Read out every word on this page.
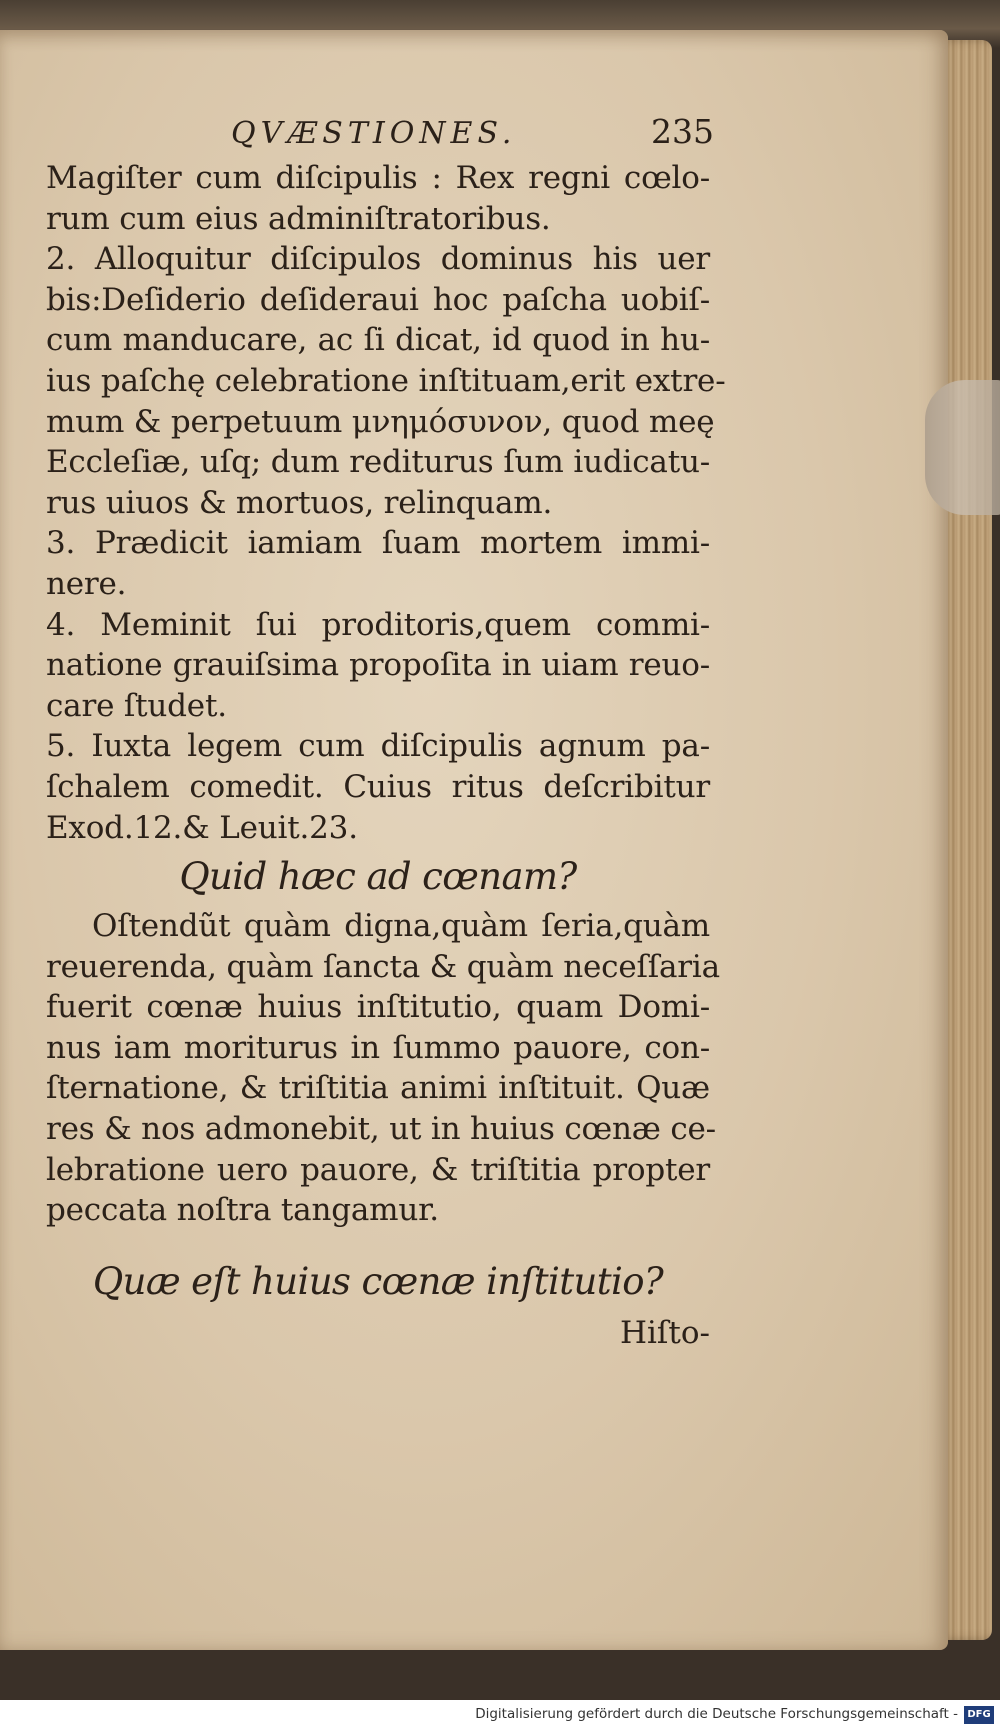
QVÆSTIONES.	235
Magiſter cum diſcipulis : Rex regni cœlo-
rum cum eius adminiſtratoribus.
2. Alloquitur diſcipulos dominus his uer
bis:Deſiderio deſideraui hoc paſcha uobiſ-
cum manducare, ac ſi dicat, id quod in hu-
ius paſchę celebratione inſtituam,erit extre-
mum & perpetuum μνημόσυνον, quod meę
Eccleſiæ, uſq; dum rediturus ſum iudicatu-
rus uiuos & mortuos, relinquam.
3. Prædicit iamiam ſuam mortem immi-
nere.
4. Meminit ſui proditoris,quem commi-
natione grauiſsima propoſita in uiam reuo-
care ſtudet.
5. Iuxta legem cum diſcipulis agnum pa-
ſchalem comedit. Cuius ritus deſcribitur
Exod.12.& Leuit.23.
Quid hæc ad cœnam?
Oſtendũt quàm digna,quàm ſeria,quàm
reuerenda, quàm ſancta & quàm neceſſaria
fuerit cœnæ huius inſtitutio, quam Domi-
nus iam moriturus in ſummo pauore, con-
ſternatione, & triſtitia animi inſtituit. Quæ
res & nos admonebit, ut in huius cœnæ ce-
lebratione uero pauore, & triſtitia propter
peccata noſtra tangamur.
Quæ eſt huius cœnæ inſtitutio?
Hiſto-
Digitalisierung gefördert durch die Deutsche Forschungsgemeinschaft - DFG
